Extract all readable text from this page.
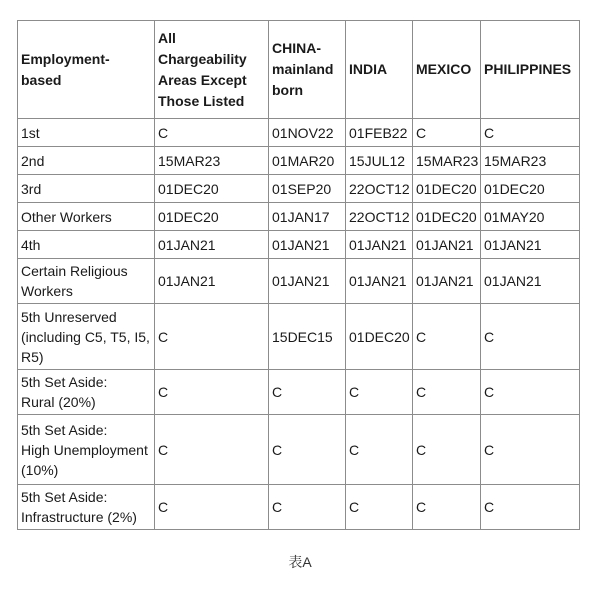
Employment-
based	All
Chargeability
Areas Except
Those Listed	CHINA-
mainland
born	INDIA	MEXICO	PHILIPPINES
1st	C	01NOV22	01FEB22	C	C
2nd	15MAR23	01MAR20	15JUL12	15MAR23	15MAR23
3rd	01DEC20	01SEP20	22OCT12	01DEC20	01DEC20
Other Workers	01DEC20	01JAN17	22OCT12	01DEC20	01MAY20
4th	01JAN21	01JAN21	01JAN21	01JAN21	01JAN21
Certain Religious
Workers	01JAN21	01JAN21	01JAN21	01JAN21	01JAN21
5th Unreserved
(including C5, T5, I5,
R5)	C	15DEC15	01DEC20	C	C
5th Set Aside:
Rural (20%)	C	C	C	C	C
5th Set Aside:
High Unemployment
(10%)	C	C	C	C	C
5th Set Aside:
Infrastructure (2%)	C	C	C	C	C
表A
